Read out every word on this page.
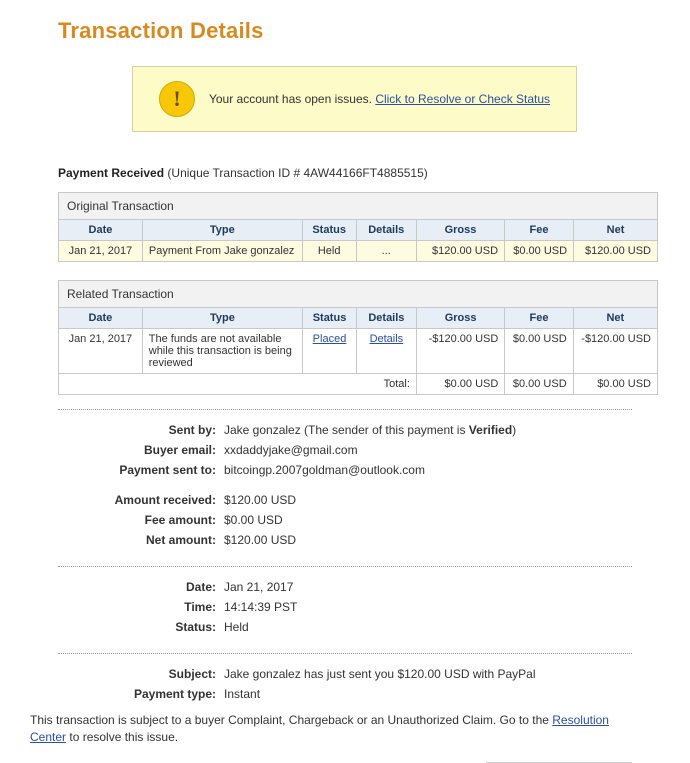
Transaction Details
!	Your account has open issues. Click to Resolve or Check Status
Payment Received (Unique Transaction ID # 4AW44166FT4885515)
Original Transaction
Date	Type	Status	Details	Gross	Fee	Net
Jan 21, 2017	Payment From Jake gonzalez	Held	...	$120.00 USD	$0.00 USD	$120.00 USD
Related Transaction
Date	Type	Status	Details	Gross	Fee	Net
Jan 21, 2017	The funds are not available while this transaction is being reviewed	Placed	Details	-$120.00 USD	$0.00 USD	-$120.00 USD
Total:				$0.00 USD	$0.00 USD	$0.00 USD
Sent by: Jake gonzalez (The sender of this payment is Verified)
Buyer email: xxdaddyjake@gmail.com
Payment sent to: bitcoingp.2007goldman@outlook.com
Amount received: $120.00 USD
Fee amount: $0.00 USD
Net amount: $120.00 USD
Date: Jan 21, 2017
Time: 14:14:39 PST
Status: Held
Subject: Jake gonzalez has just sent you $120.00 USD with PayPal
Payment type: Instant
This transaction is subject to a buyer Complaint, Chargeback or an Unauthorized Claim. Go to the Resolution Center to resolve this issue.
